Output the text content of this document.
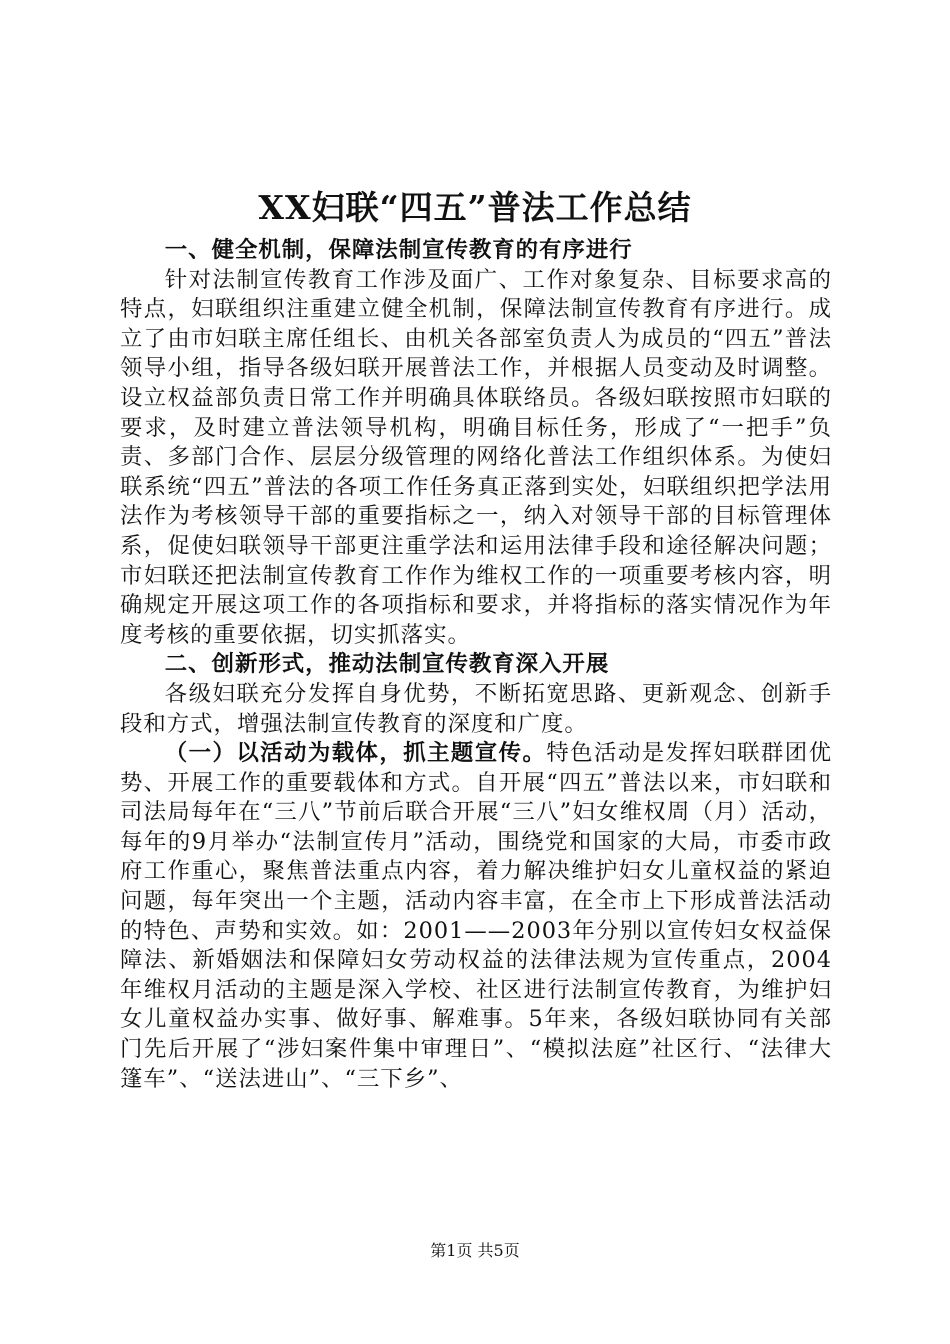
XX妇联“四五”普法工作总结

一、健全机制，保障法制宣传教育的有序进行

针对法制宣传教育工作涉及面广、工作对象复杂、目标要求高的特点，妇联组织注重建立健全机制，保障法制宣传教育有序进行。成立了由市妇联主席任组长、由机关各部室负责人为成员的“四五”普法领导小组，指导各级妇联开展普法工作，并根据人员变动及时调整。设立权益部负责日常工作并明确具体联络员。各级妇联按照市妇联的要求，及时建立普法领导机构，明确目标任务，形成了“一把手”负责、多部门合作、层层分级管理的网络化普法工作组织体系。为使妇联系统“四五”普法的各项工作任务真正落到实处，妇联组织把学法用法作为考核领导干部的重要指标之一，纳入对领导干部的目标管理体系，促使妇联领导干部更注重学法和运用法律手段和途径解决问题；市妇联还把法制宣传教育工作作为维权工作的一项重要考核内容，明确规定开展这项工作的各项指标和要求，并将指标的落实情况作为年度考核的重要依据，切实抓落实。

二、创新形式，推动法制宣传教育深入开展

各级妇联充分发挥自身优势，不断拓宽思路、更新观念、创新手段和方式，增强法制宣传教育的深度和广度。

（一）以活动为载体，抓主题宣传。特色活动是发挥妇联群团优势、开展工作的重要载体和方式。自开展“四五”普法以来，市妇联和司法局每年在“三八”节前后联合开展“三八”妇女维权周（月）活动，每年的9月举办“法制宣传月”活动，围绕党和国家的大局，市委市政府工作重心，聚焦普法重点内容，着力解决维护妇女儿童权益的紧迫问题，每年突出一个主题，活动内容丰富，在全市上下形成普法活动的特色、声势和实效。如：2001——2003年分别以宣传妇女权益保障法、新婚姻法和保障妇女劳动权益的法律法规为宣传重点，2004年维权月活动的主题是深入学校、社区进行法制宣传教育，为维护妇女儿童权益办实事、做好事、解难事。5年来，各级妇联协同有关部门先后开展了“涉妇案件集中审理日”、“模拟法庭”社区行、“法律大篷车”、“送法进山”、“三下乡”、

第1页 共5页
